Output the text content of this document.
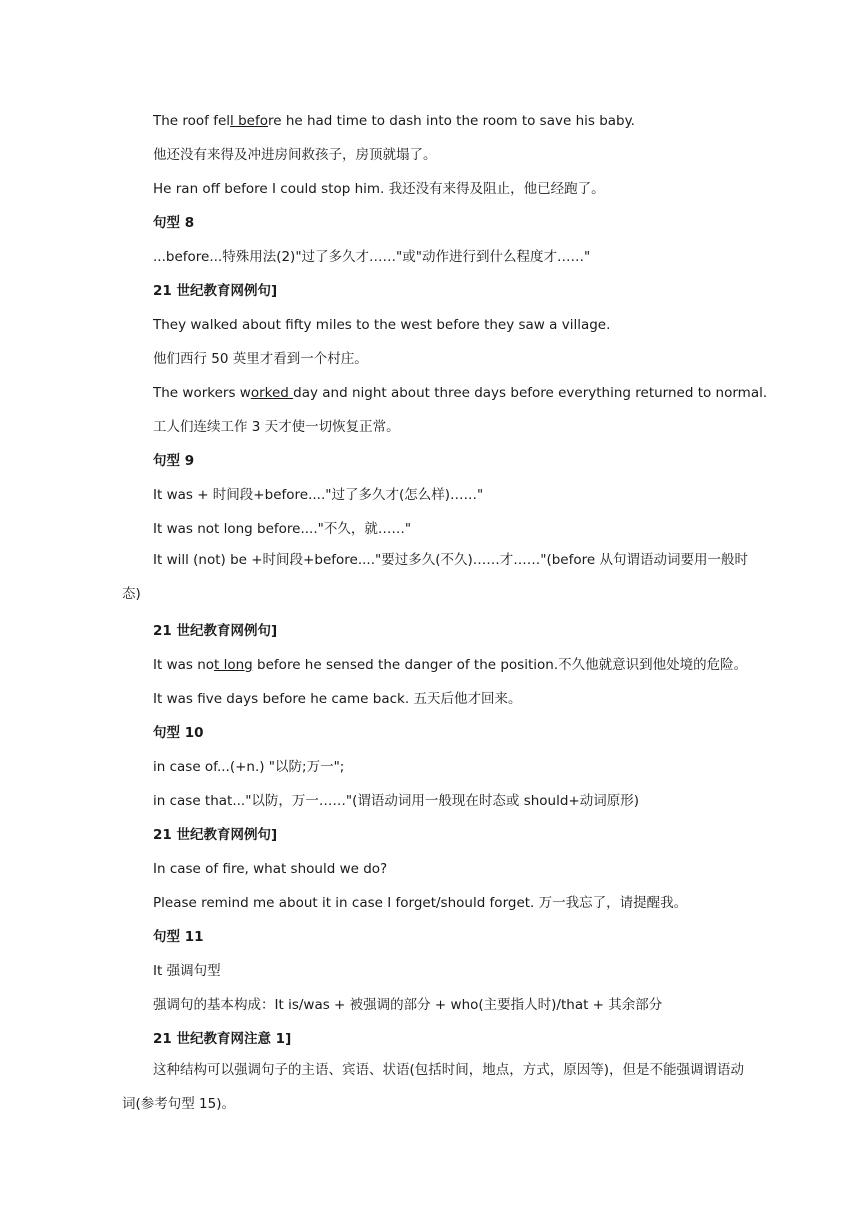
The roof fell before he had time to dash into the room to save his baby.
他还没有来得及冲进房间救孩子，房顶就塌了。
He ran off before I could stop him. 我还没有来得及阻止，他已经跑了。
句型 8
...before...特殊用法(2)"过了多久才……"或"动作进行到什么程度才……"
21 世纪教育网例句]
They walked about fifty miles to the west before they saw a village.
他们西行 50 英里才看到一个村庄。
The workers worked day and night about three days before everything returned to normal.
工人们连续工作 3 天才使一切恢复正常。
句型 9
It was + 时间段+before...."过了多久才(怎么样)……"
It was not long before...."不久，就……"
It will (not) be +时间段+before...."要过多久(不久)……才……"(before 从句谓语动词要用一般时态)
21 世纪教育网例句]
It was not long before he sensed the danger of the position.不久他就意识到他处境的危险。
It was five days before he came back. 五天后他才回来。
句型 10
in case of...(+n.) "以防;万一";
in case that..."以防，万一……"(谓语动词用一般现在时态或 should+动词原形)
21 世纪教育网例句]
In case of fire, what should we do?
Please remind me about it in case I forget/should forget. 万一我忘了，请提醒我。
句型 11
It 强调句型
强调句的基本构成：It is/was + 被强调的部分 + who(主要指人时)/that + 其余部分
21 世纪教育网注意 1]
这种结构可以强调句子的主语、宾语、状语(包括时间，地点，方式，原因等)，但是不能强调谓语动词(参考句型 15)。
